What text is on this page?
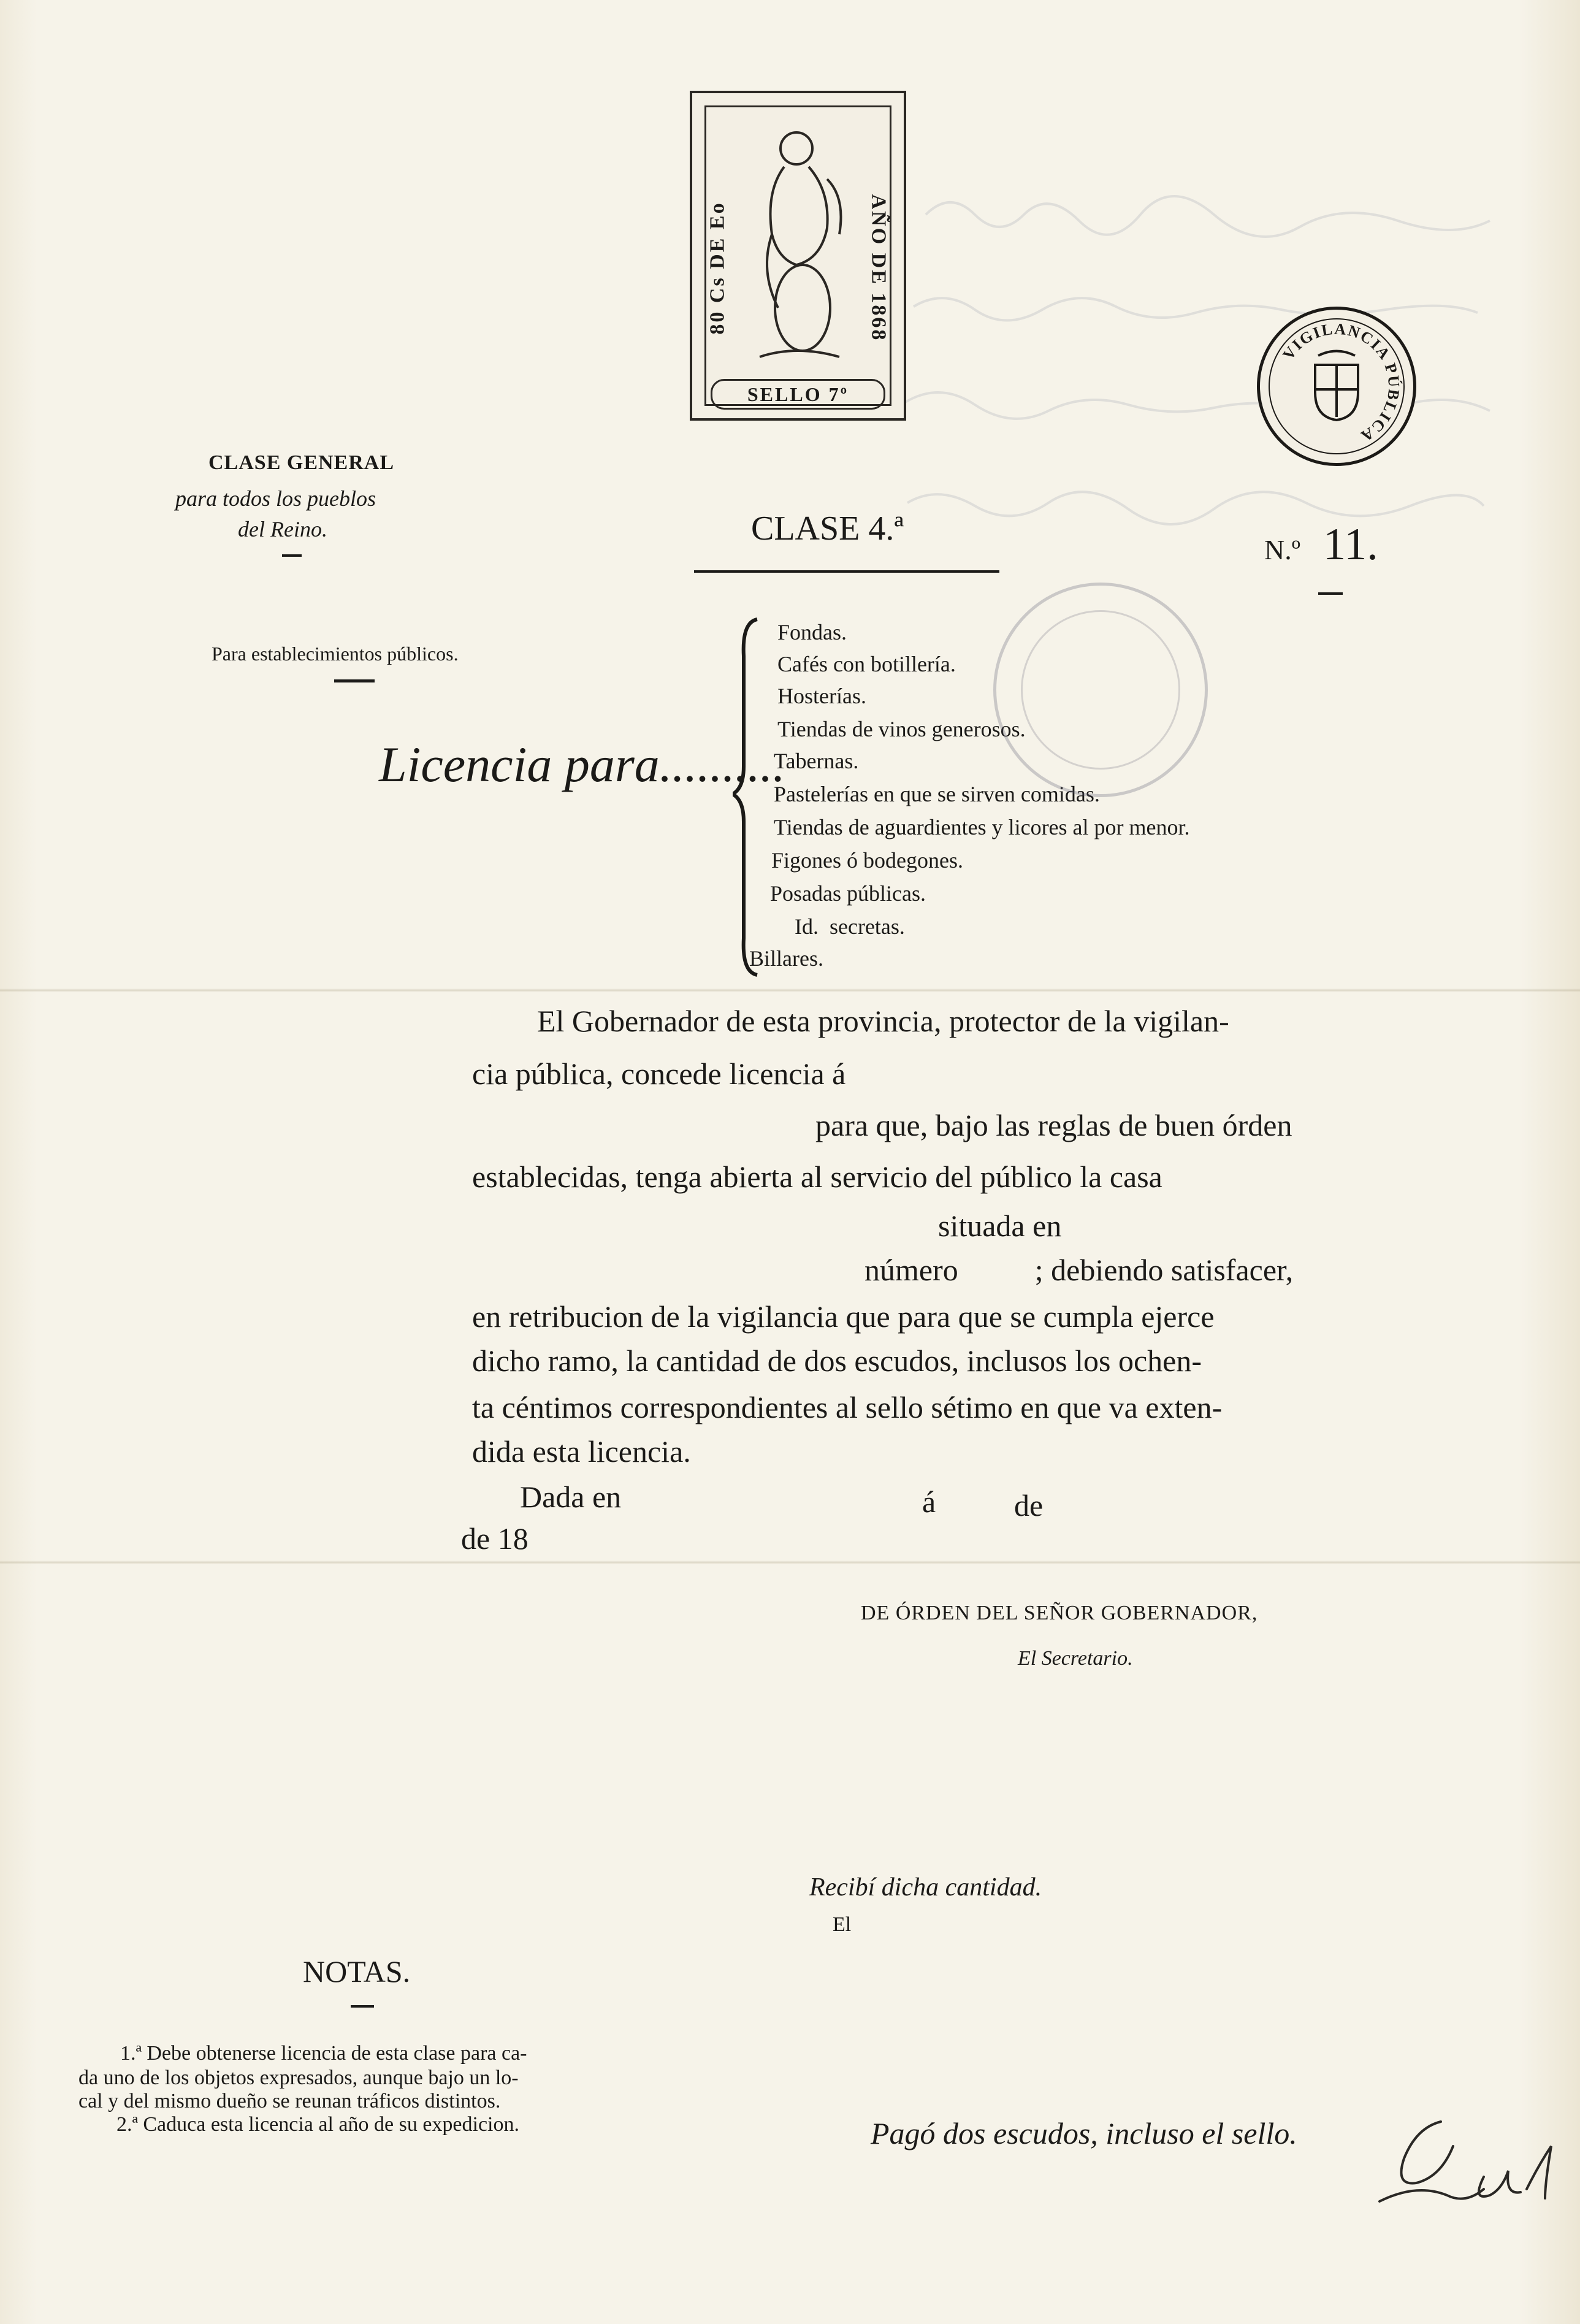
80 Cs DE Eo	AÑO DE 1868
SELLO 7º
VIGILANCIA PÚBLICA
CLASE GENERAL
para todos los pueblos
del Reino.	CLASE 4.ª
N.º 11.
Para establecimientos públicos.
Licencia para..........
Fondas.
Cafés con botillería.
Hosterías.
Tiendas de vinos generosos.
Tabernas.
Pastelerías en que se sirven comidas.
Tiendas de aguardientes y licores al por menor.
Figones ó bodegones.
Posadas públicas.
Id.  secretas.
Billares.
El Gobernador de esta provincia, protector de la vigilan-
cia pública, concede licencia á
para que, bajo las reglas de buen órden
establecidas, tenga abierta al servicio del público la casa
situada en
número          ; debiendo satisfacer,
en retribucion de la vigilancia que para que se cumpla ejerce
dicho ramo, la cantidad de dos escudos, inclusos los ochen-
ta céntimos correspondientes al sello sétimo en que va exten-
dida esta licencia.
Dada en	á	de
de 18
DE ÓRDEN DEL SEÑOR GOBERNADOR,
El Secretario.
Recibí dicha cantidad.
El
NOTAS.
1.ª Debe obtenerse licencia de esta clase para ca-
da uno de los objetos expresados, aunque bajo un lo-
cal y del mismo dueño se reunan tráficos distintos.
2.ª Caduca esta licencia al año de su expedicion.	Pagó dos escudos, incluso el sello.
